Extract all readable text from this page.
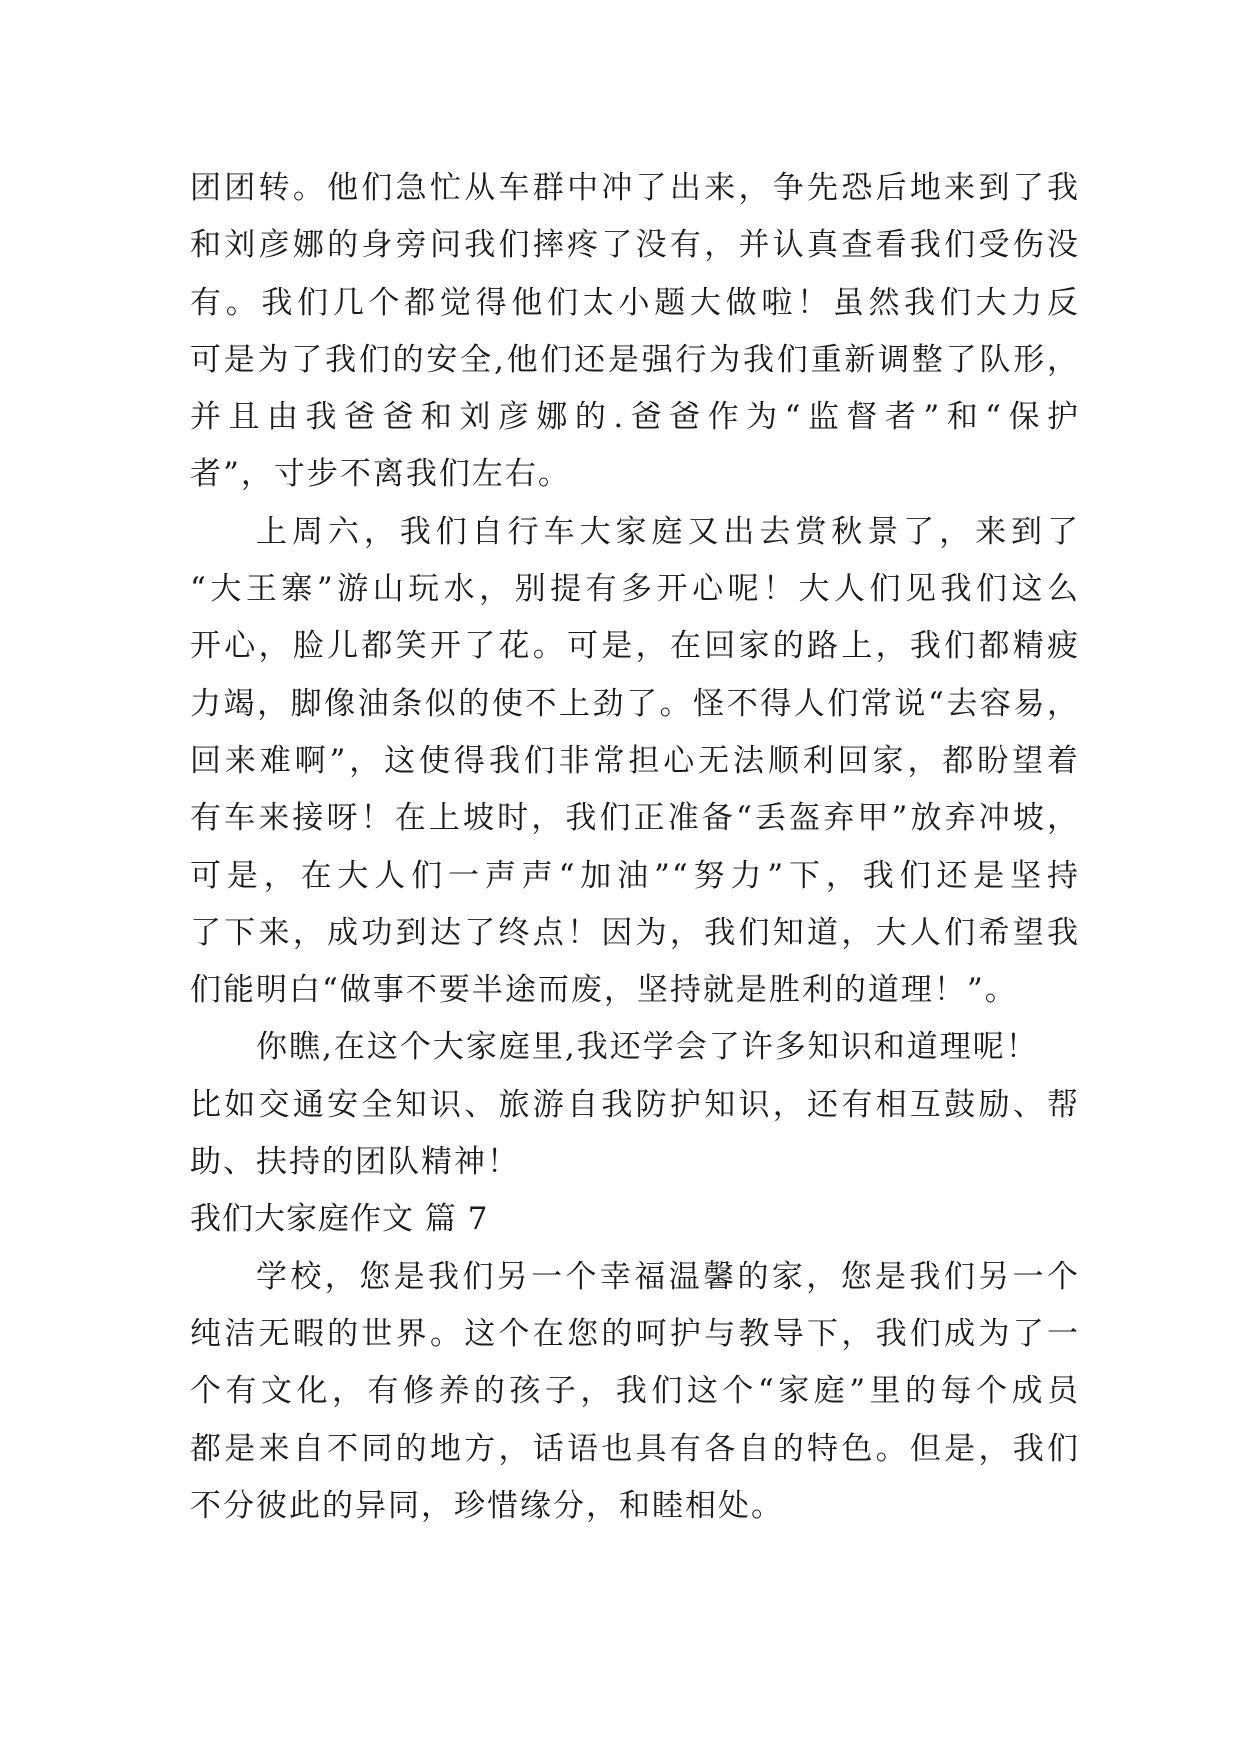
团团转。他们急忙从车群中冲了出来，争先恐后地来到了我
和刘彦娜的身旁问我们摔疼了没有，并认真查看我们受伤没
有。我们几个都觉得他们太小题大做啦！虽然我们大力反
可是为了我们的安全,他们还是强行为我们重新调整了队形，
并且由我爸爸和刘彦娜的.爸爸作为“监督者”和“保护
者”，寸步不离我们左右。
上周六，我们自行车大家庭又出去赏秋景了，来到了
“大王寨”游山玩水，别提有多开心呢！大人们见我们这么
开心，脸儿都笑开了花。可是，在回家的路上，我们都精疲
力竭，脚像油条似的使不上劲了。怪不得人们常说“去容易，
回来难啊”，这使得我们非常担心无法顺利回家，都盼望着
有车来接呀！在上坡时，我们正准备“丢盔弃甲”放弃冲坡，
可是，在大人们一声声“加油”“努力”下，我们还是坚持
了下来，成功到达了终点！因为，我们知道，大人们希望我
们能明白“做事不要半途而废，坚持就是胜利的道理！”。
你瞧,在这个大家庭里,我还学会了许多知识和道理呢！
比如交通安全知识、旅游自我防护知识，还有相互鼓励、帮
助、扶持的团队精神！
我们大家庭作文 篇 7
学校，您是我们另一个幸福温馨的家，您是我们另一个
纯洁无暇的世界。这个在您的呵护与教导下，我们成为了一
个有文化，有修养的孩子，我们这个“家庭”里的每个成员
都是来自不同的地方，话语也具有各自的特色。但是，我们
不分彼此的异同，珍惜缘分，和睦相处。
